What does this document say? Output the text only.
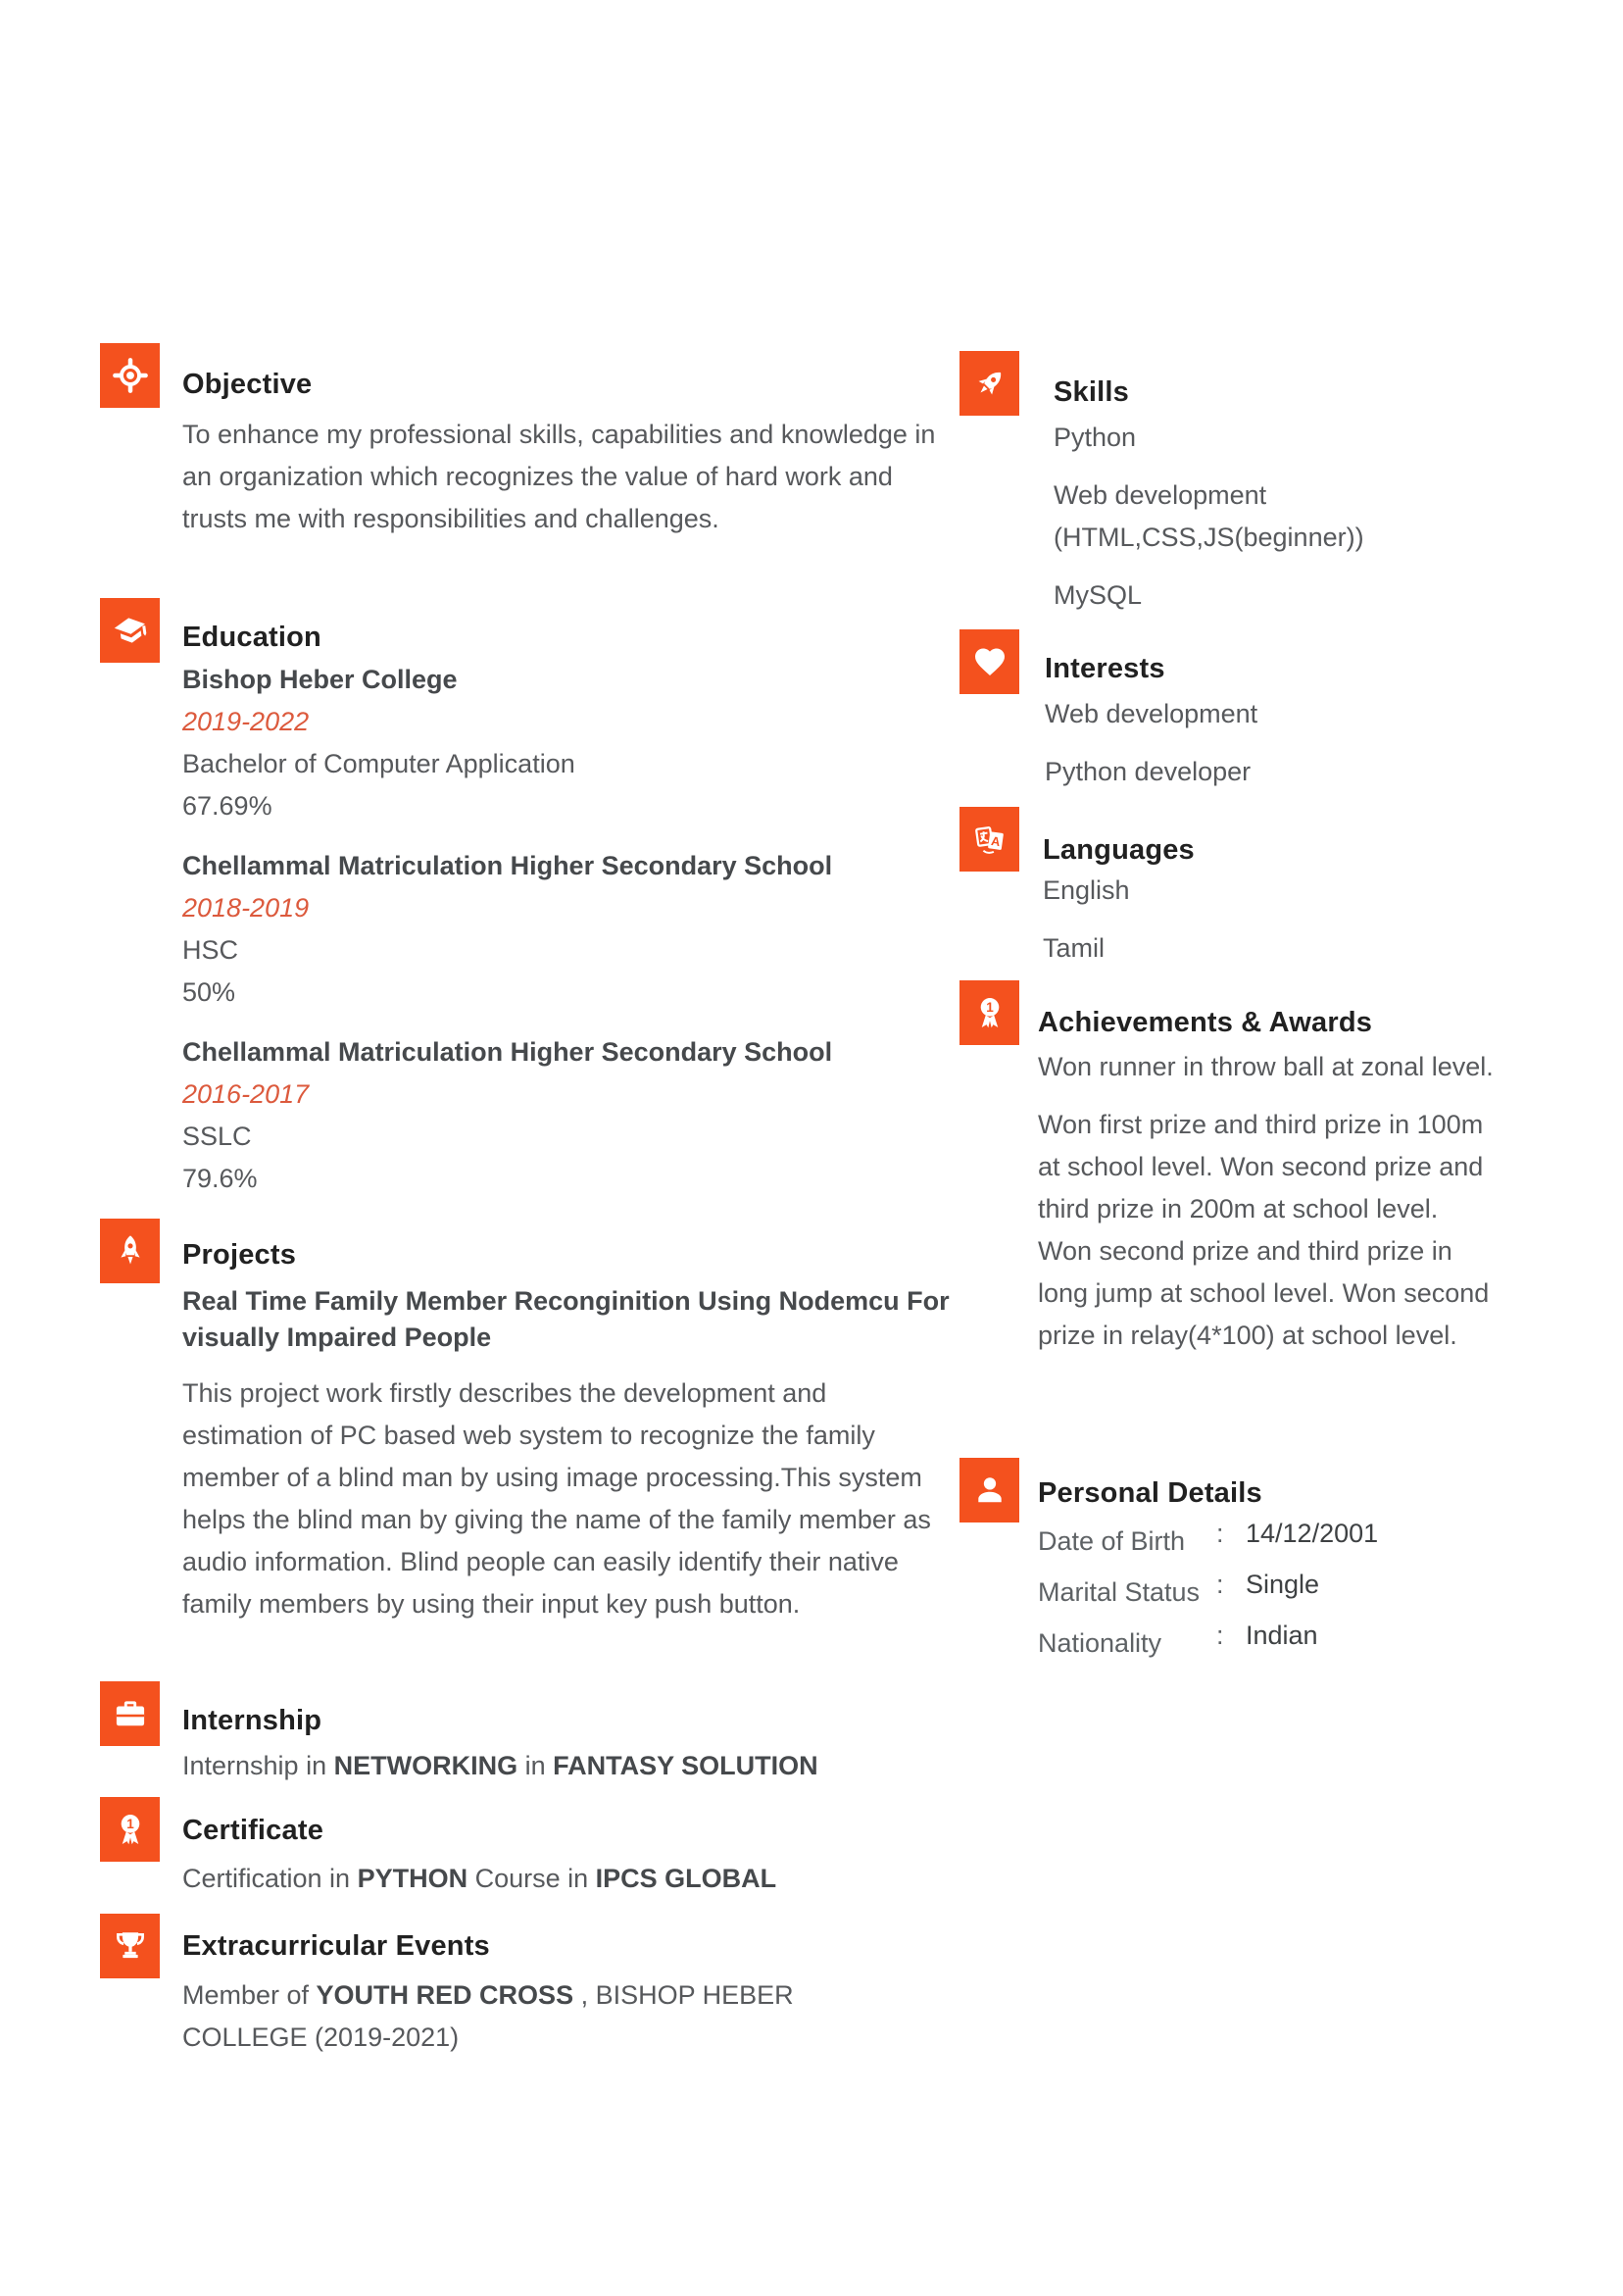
Objective

To enhance my professional skills, capabilities and knowledge in an organization which recognizes the value of hard work and trusts me with responsibilities and challenges.

Education
Bishop Heber College
2019-2022
Bachelor of Computer Application
67.69%
Chellammal Matriculation Higher Secondary School
2018-2019
HSC
50%
Chellammal Matriculation Higher Secondary School
2016-2017
SSLC
79.6%
Projects

Real Time Family Member Reconginition Using Nodemcu For visually Impaired People

This project work firstly describes the development and estimation of PC based web system to recognize the family member of a blind man by using image processing.This system helps the blind man by giving the name of the family member as audio information. Blind people can easily identify their native family members by using their input key push button.

Internship

Internship in NETWORKING in FANTASY SOLUTION

1 Certificate

Certification in PYTHON Course in IPCS GLOBAL

Extracurricular Events

Member of YOUTH RED CROSS , BISHOP HEBER COLLEGE (2019-2021)

Skills
Python
Web development (HTML,CSS,JS(beginner))
MySQL
Interests
Web development
Python developer
A Languages
English
Tamil
1 Achievements & Awards

Won runner in throw ball at zonal level.

Won first prize and third prize in 100m at school level. Won second prize and third prize in 200m at school level. Won second prize and third prize in long jump at school level. Won second prize in relay(4*100) at school level.

Personal Details
Date of Birth	: 14/12/2001
Marital Status : Single
Nationality	: Indian
